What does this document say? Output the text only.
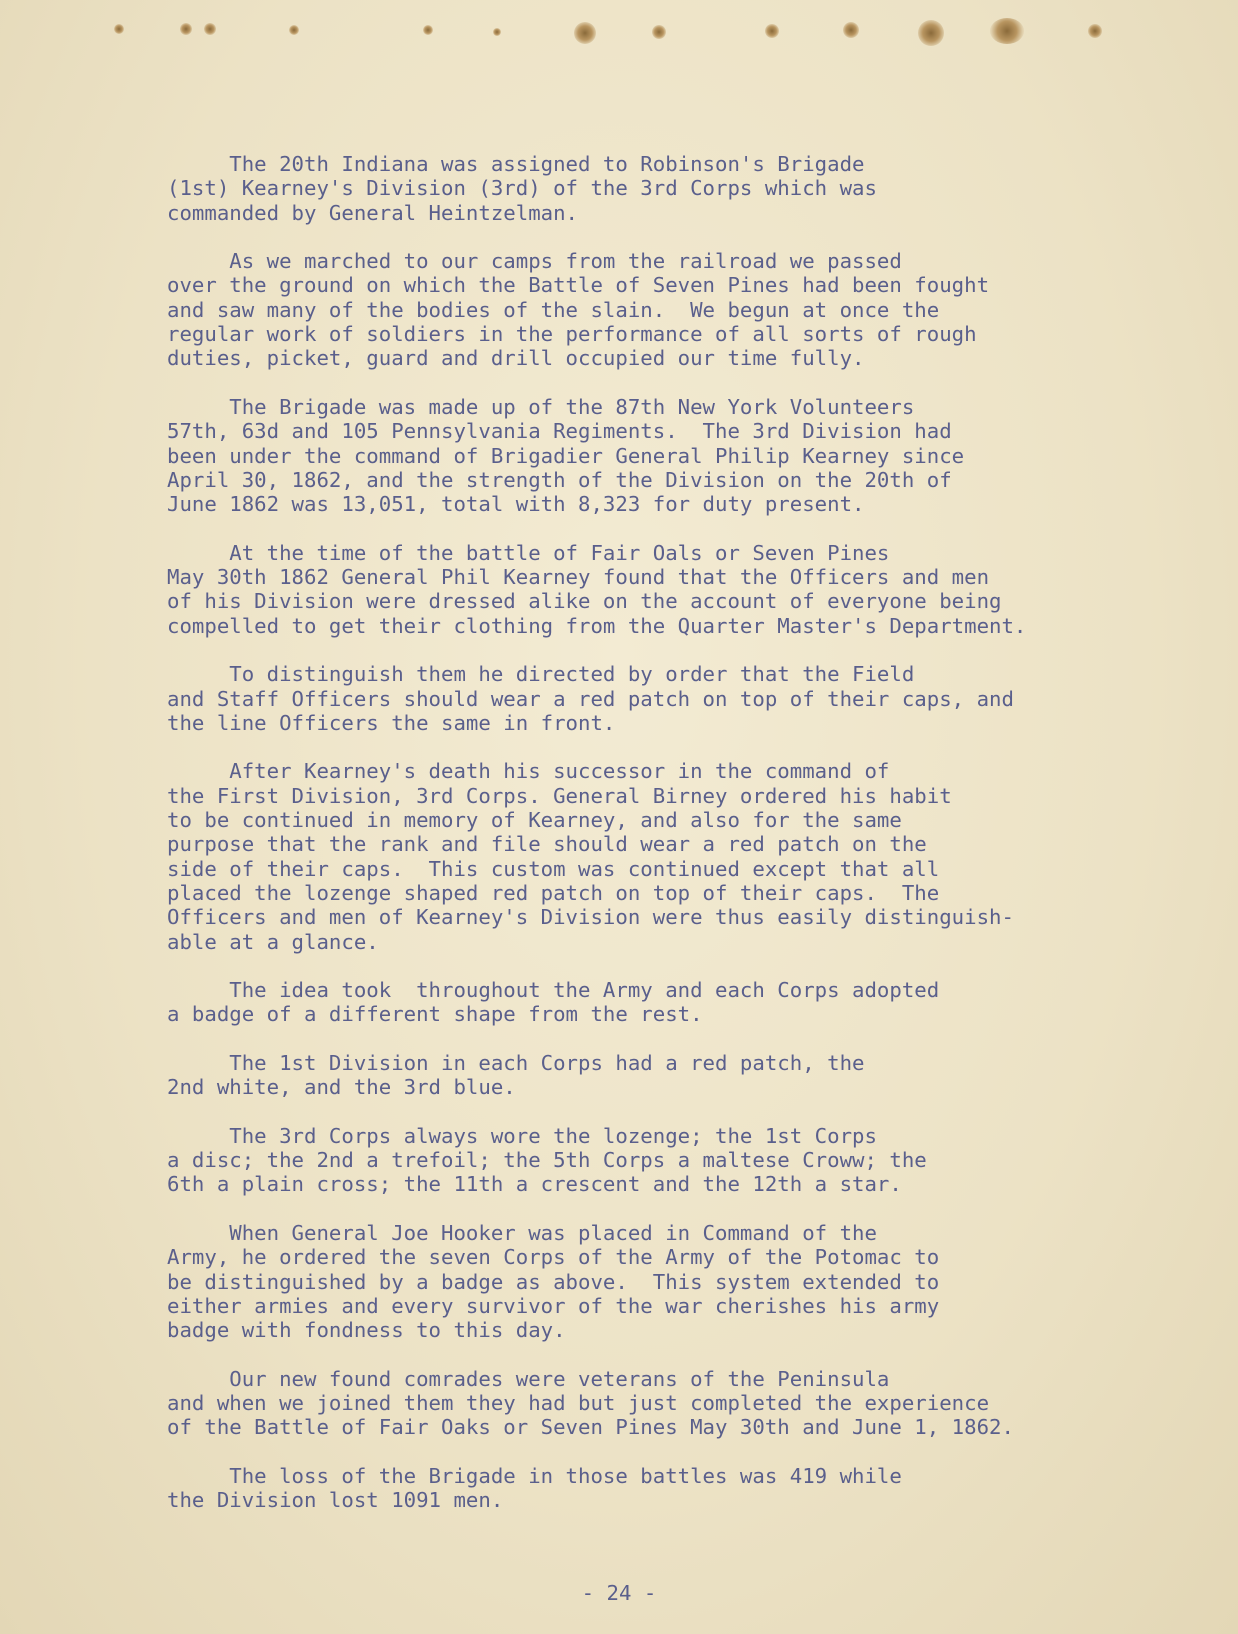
The 20th Indiana was assigned to Robinson's Brigade
(1st) Kearney's Division (3rd) of the 3rd Corps which was
commanded by General Heintzelman.
As we marched to our camps from the railroad we passed
over the ground on which the Battle of Seven Pines had been fought
and saw many of the bodies of the slain.  We begun at once the
regular work of soldiers in the performance of all sorts of rough
duties, picket, guard and drill occupied our time fully.
The Brigade was made up of the 87th New York Volunteers
57th, 63d and 105 Pennsylvania Regiments.  The 3rd Division had
been under the command of Brigadier General Philip Kearney since
April 30, 1862, and the strength of the Division on the 20th of
June 1862 was 13,051, total with 8,323 for duty present.
At the time of the battle of Fair Oals or Seven Pines
May 30th 1862 General Phil Kearney found that the Officers and men
of his Division were dressed alike on the account of everyone being
compelled to get their clothing from the Quarter Master's Department.
To distinguish them he directed by order that the Field
and Staff Officers should wear a red patch on top of their caps, and
the line Officers the same in front.
After Kearney's death his successor in the command of
the First Division, 3rd Corps. General Birney ordered his habit
to be continued in memory of Kearney, and also for the same
purpose that the rank and file should wear a red patch on the
side of their caps.  This custom was continued except that all
placed the lozenge shaped red patch on top of their caps.  The
Officers and men of Kearney's Division were thus easily distinguish-
able at a glance.
The idea took  throughout the Army and each Corps adopted
a badge of a different shape from the rest.
The 1st Division in each Corps had a red patch, the
2nd white, and the 3rd blue.
The 3rd Corps always wore the lozenge; the 1st Corps
a disc; the 2nd a trefoil; the 5th Corps a maltese Croww; the
6th a plain cross; the 11th a crescent and the 12th a star.
When General Joe Hooker was placed in Command of the
Army, he ordered the seven Corps of the Army of the Potomac to
be distinguished by a badge as above.  This system extended to
either armies and every survivor of the war cherishes his army
badge with fondness to this day.
Our new found comrades were veterans of the Peninsula
and when we joined them they had but just completed the experience
of the Battle of Fair Oaks or Seven Pines May 30th and June 1, 1862.
The loss of the Brigade in those battles was 419 while
the Division lost 1091 men.
- 24 -
